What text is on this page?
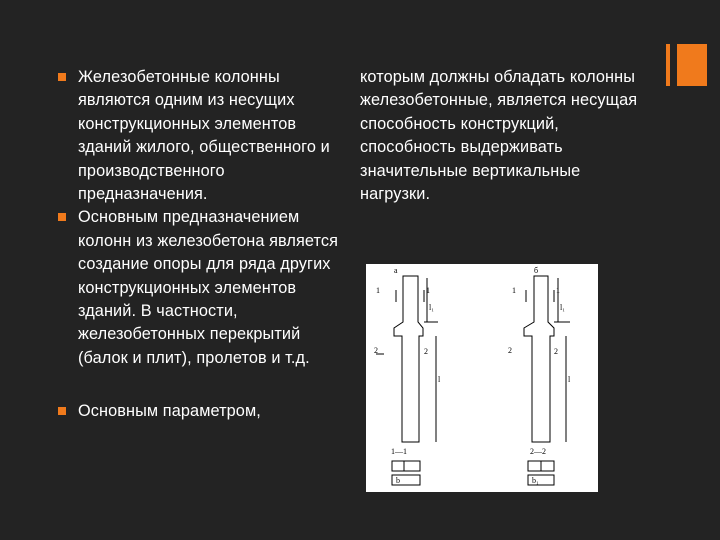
Железобетонные колонны являются одним из несущих конструкционных элементов зданий жилого, общественного и производственного предназначения.
Основным предназначением колонн из железобетона является создание опоры для ряда других конструкционных элементов зданий. В частности, железобетонных перекрытий (балок и плит), пролетов и т.д.
Основным параметром,
которым должны обладать колонны железобетонные, является несущая способность конструкций, способность выдерживать значительные вертикальные нагрузки.
а
1	1
l₁
2	2
l
1—1
b
б
1	1
l₁
2	2
l
2—2
b₁
